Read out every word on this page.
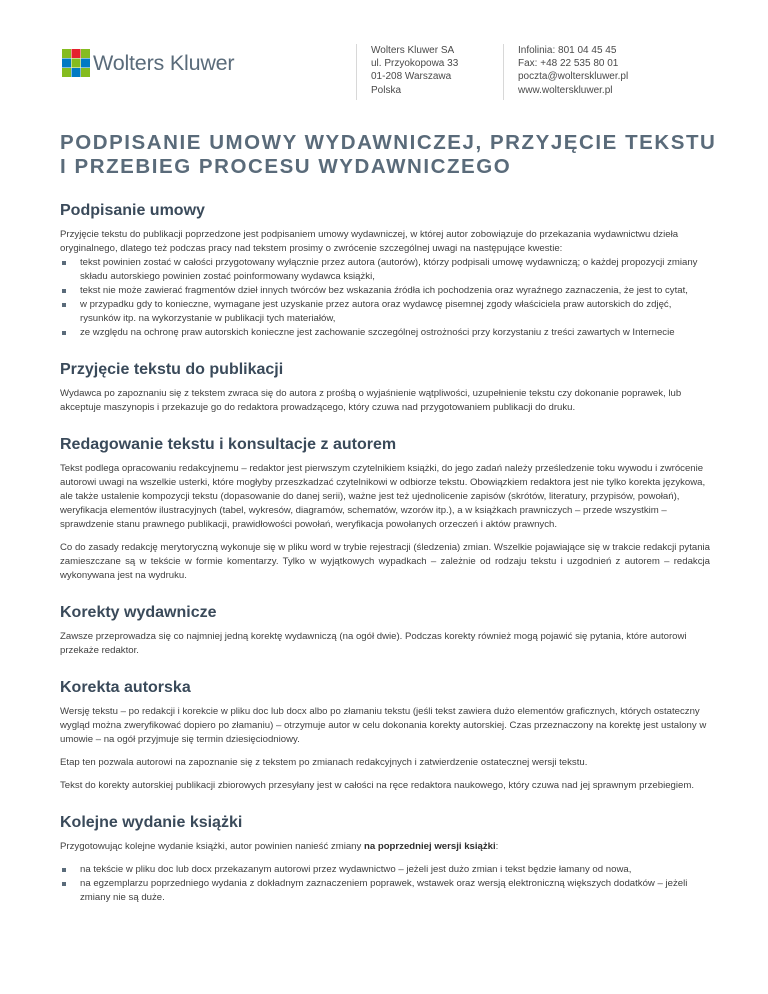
Wolters Kluwer	Wolters Kluwer SA
ul. Przyokopowa 33
01-208 Warszawa
Polska
Infolinia: 801 04 45 45
Fax: +48 22 535 80 01
poczta@wolterskluwer.pl
www.wolterskluwer.pl
PODPISANIE UMOWY WYDAWNICZEJ, PRZYJĘCIE TEKSTU
I PRZEBIEG PROCESU WYDAWNICZEGO
Podpisanie umowy

Przyjęcie tekstu do publikacji poprzedzone jest podpisaniem umowy wydawniczej, w której autor zobowiązuje do przekazania wydawnictwu dzieła oryginalnego, dlatego też podczas pracy nad tekstem prosimy o zwrócenie szczególnej uwagi na następujące kwestie:

tekst powinien zostać w całości przygotowany wyłącznie przez autora (autorów), którzy podpisali umowę wydawniczą; o każdej propozycji zmiany składu autorskiego powinien zostać poinformowany wydawca książki,
tekst nie może zawierać fragmentów dzieł innych twórców bez wskazania źródła ich pochodzenia oraz wyraźnego zaznaczenia, że jest to cytat,
w przypadku gdy to konieczne, wymagane jest uzyskanie przez autora oraz wydawcę pisemnej zgody właściciela praw autorskich do zdjęć, rysunków itp. na wykorzystanie w publikacji tych materiałów,
ze względu na ochronę praw autorskich konieczne jest zachowanie szczególnej ostrożności przy korzystaniu z treści zawartych w Internecie
Przyjęcie tekstu do publikacji

Wydawca po zapoznaniu się z tekstem zwraca się do autora z prośbą o wyjaśnienie wątpliwości, uzupełnienie tekstu czy dokonanie poprawek, lub akceptuje maszynopis i przekazuje go do redaktora prowadzącego, który czuwa nad przygotowaniem publikacji do druku.

Redagowanie tekstu i konsultacje z autorem

Tekst podlega opracowaniu redakcyjnemu – redaktor jest pierwszym czytelnikiem książki, do jego zadań należy prześledzenie toku wywodu i zwrócenie autorowi uwagi na wszelkie usterki, które mogłyby przeszkadzać czytelnikowi w odbiorze tekstu. Obowiązkiem redaktora jest nie tylko korekta językowa, ale także ustalenie kompozycji tekstu (dopasowanie do danej serii), ważne jest też ujednolicenie zapisów (skrótów, literatury, przypisów, powołań), weryfikacja elementów ilustracyjnych (tabel, wykresów, diagramów, schematów, wzorów itp.), a w książkach prawniczych – przede wszystkim – sprawdzenie stanu prawnego publikacji, prawidłowości powołań, weryfikacja powołanych orzeczeń i aktów prawnych.

Co do zasady redakcję merytoryczną wykonuje się w pliku word w trybie rejestracji (śledzenia) zmian. Wszelkie pojawiające się w trakcie redakcji pytania zamieszczane są w tekście w formie komentarzy. Tylko w wyjątkowych wypadkach – zależnie od rodzaju tekstu i uzgodnień z autorem – redakcja wykonywana jest na wydruku.

Korekty wydawnicze

Zawsze przeprowadza się co najmniej jedną korektę wydawniczą (na ogół dwie). Podczas korekty również mogą pojawić się pytania, które autorowi przekaże redaktor.

Korekta autorska

Wersję tekstu – po redakcji i korekcie w pliku doc lub docx albo po złamaniu tekstu (jeśli tekst zawiera dużo elementów graficznych, których ostateczny wygląd można zweryfikować dopiero po złamaniu) – otrzymuje autor w celu dokonania korekty autorskiej. Czas przeznaczony na korektę jest ustalony w umowie – na ogół przyjmuje się termin dziesięciodniowy.

Etap ten pozwala autorowi na zapoznanie się z tekstem po zmianach redakcyjnych i zatwierdzenie ostatecznej wersji tekstu.

Tekst do korekty autorskiej publikacji zbiorowych przesyłany jest w całości na ręce redaktora naukowego, który czuwa nad jej sprawnym przebiegiem.

Kolejne wydanie książki

Przygotowując kolejne wydanie książki, autor powinien nanieść zmiany na poprzedniej wersji książki:

na tekście w pliku doc lub docx przekazanym autorowi przez wydawnictwo – jeżeli jest dużo zmian i tekst będzie łamany od nowa,
na egzemplarzu poprzedniego wydania z dokładnym zaznaczeniem poprawek, wstawek oraz wersją elektroniczną większych dodatków – jeżeli zmiany nie są duże.
